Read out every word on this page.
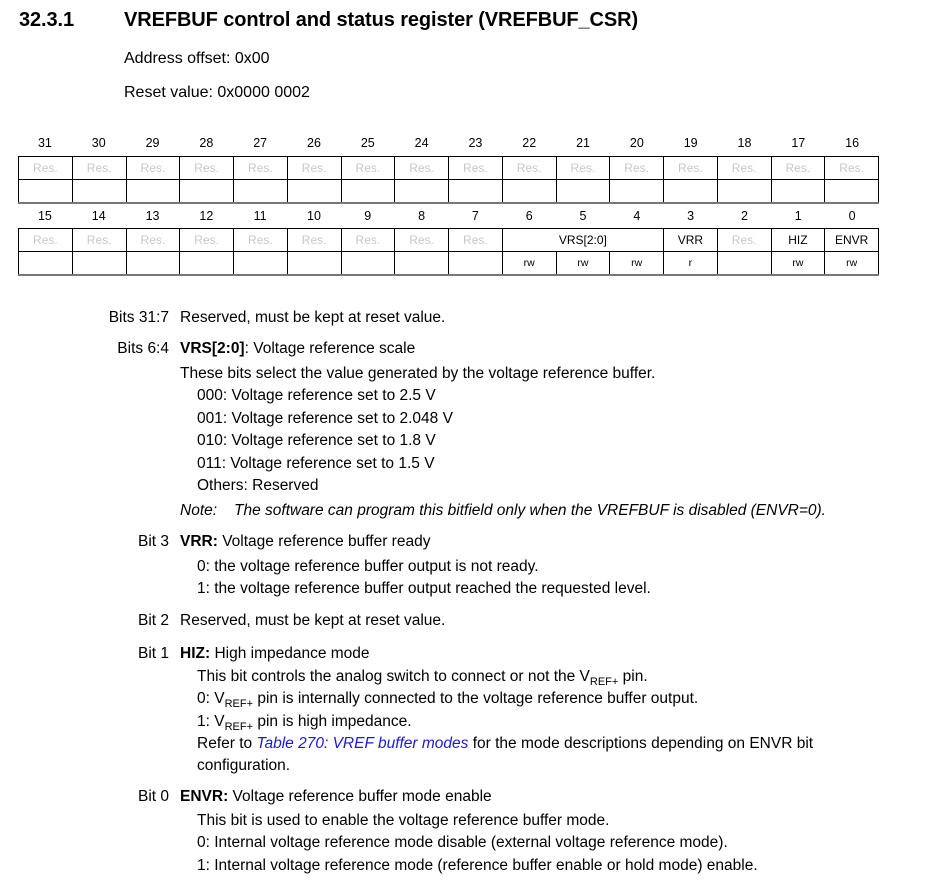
32.3.1 VREFBUF control and status register (VREFBUF_CSR)
Address offset: 0x00
Reset value: 0x0000 0002
31	30	29	28	27	26	25	24	23	22	21	20	19	18	17	16
Res.	Res.	Res.	Res.	Res.	Res.	Res.	Res.	Res.	Res.	Res.	Res.	Res.	Res.	Res.	Res.

15	14	13	12	11	10	9	8	7	6	5	4	3	2	1	0
Res.	Res.	Res.	Res.	Res.	Res.	Res.	Res.	Res.	VRS[2:0]			VRR	Res.	HIZ	ENVR
									rw	rw	rw	r		rw	rw
Bits 31:7 Reserved, must be kept at reset value.
Bits 6:4 VRS[2:0]: Voltage reference scale
These bits select the value generated by the voltage reference buffer.
000: Voltage reference set to 2.5 V
001: Voltage reference set to 2.048 V
010: Voltage reference set to 1.8 V
011: Voltage reference set to 1.5 V
Others: Reserved
Note: The software can program this bitfield only when the VREFBUF is disabled (ENVR=0).
Bit 3 VRR: Voltage reference buffer ready
0: the voltage reference buffer output is not ready.
1: the voltage reference buffer output reached the requested level.
Bit 2 Reserved, must be kept at reset value.
Bit 1 HIZ: High impedance mode
This bit controls the analog switch to connect or not the $V_{REF+}$ pin.
0: $V_{REF+}$ pin is internally connected to the voltage reference buffer output.
1: $V_{REF+}$ pin is high impedance.
Refer to Table 270: VREF buffer modes for the mode descriptions depending on ENVR bit
configuration.
Bit 0 ENVR: Voltage reference buffer mode enable
This bit is used to enable the voltage reference buffer mode.
0: Internal voltage reference mode disable (external voltage reference mode).
1: Internal voltage reference mode (reference buffer enable or hold mode) enable.
